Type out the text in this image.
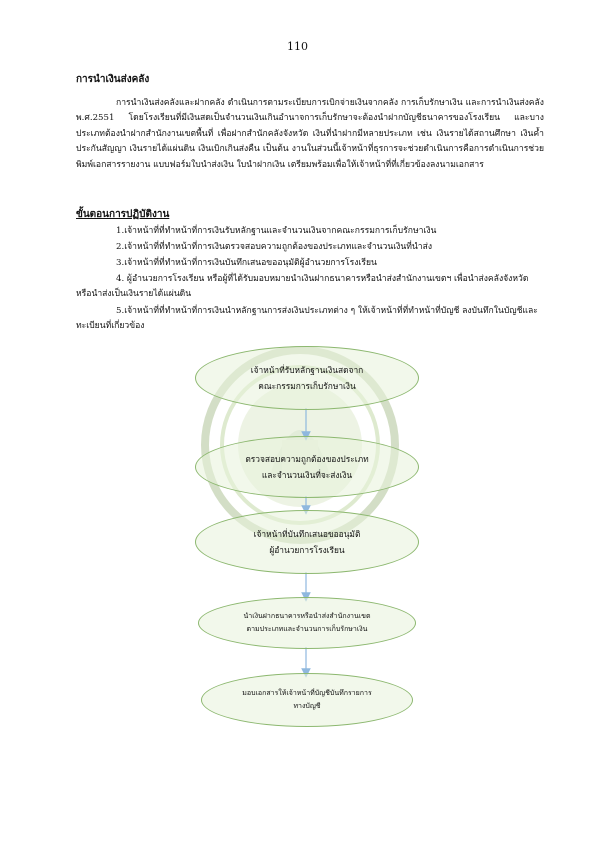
110
การนำเงินส่งคลัง

การนำเงินส่งคลังและฝากคลัง ดำเนินการตามระเบียบการเบิกจ่ายเงินจากคลัง การเก็บรักษาเงิน และการนำเงินส่งคลัง พ.ศ.2551 โดยโรงเรียนที่มีเงินสดเป็นจำนวนเงินเกินอำนาจการเก็บรักษาจะต้องนำฝากบัญชีธนาคารของโรงเรียน และบางประเภทต้องนำฝากสำนักงานเขตพื้นที่ เพื่อฝากสำนักคลังจังหวัด เงินที่นำฝากมีหลายประเภท เช่น เงินรายได้สถานศึกษา เงินค้ำประกันสัญญา เงินรายได้แผ่นดิน เงินเบิกเกินส่งคืน เป็นต้น งานในส่วนนี้เจ้าหน้าที่ธุรการจะช่วยดำเนินการคือการดำเนินการช่วยพิมพ์เอกสารรายงาน แบบฟอร์มใบนำส่งเงิน ใบนำฝากเงิน เตรียมพร้อมเพื่อให้เจ้าหน้าที่ที่เกี่ยวข้องลงนามเอกสาร

ขั้นตอนการปฏิบัติงาน

1.เจ้าหน้าที่ที่ทำหน้าที่การเงินรับหลักฐานและจำนวนเงินจากคณะกรรมการเก็บรักษาเงิน

2.เจ้าหน้าที่ที่ทำหน้าที่การเงินตรวจสอบความถูกต้องของประเภทและจำนวนเงินที่นำส่ง

3.เจ้าหน้าที่ที่ทำหน้าที่การเงินบันทึกเสนอขออนุมัติผู้อำนวยการโรงเรียน

4. ผู้อำนวยการโรงเรียน หรือผู้ที่ได้รับมอบหมายนำเงินฝากธนาคารหรือนำส่งสำนักงานเขตฯ เพื่อนำส่งคลังจังหวัด หรือนำส่งเป็นเงินรายได้แผ่นดิน

5.เจ้าหน้าที่ที่ทำหน้าที่การเงินนำหลักฐานการส่งเงินประเภทต่าง ๆ ให้เจ้าหน้าที่ที่ทำหน้าที่บัญชี ลงบันทึกในบัญชีและ ทะเบียนที่เกี่ยวข้อง

เจ้าหน้าที่รับหลักฐานเงินสดจาก
คณะกรรมการเก็บรักษาเงิน
ตรวจสอบความถูกต้องของประเภท
และจำนวนเงินที่จะส่งเงิน
เจ้าหน้าที่บันทึกเสนอขออนุมัติ
ผู้อำนวยการโรงเรียน
นำเงินฝากธนาคารหรือนำส่งสำนักงานเขต
ตามประเภทและจำนวนการเก็บรักษาเงิน
มอบเอกสารให้เจ้าหน้าที่บัญชีบันทึกรายการ
ทางบัญชี
